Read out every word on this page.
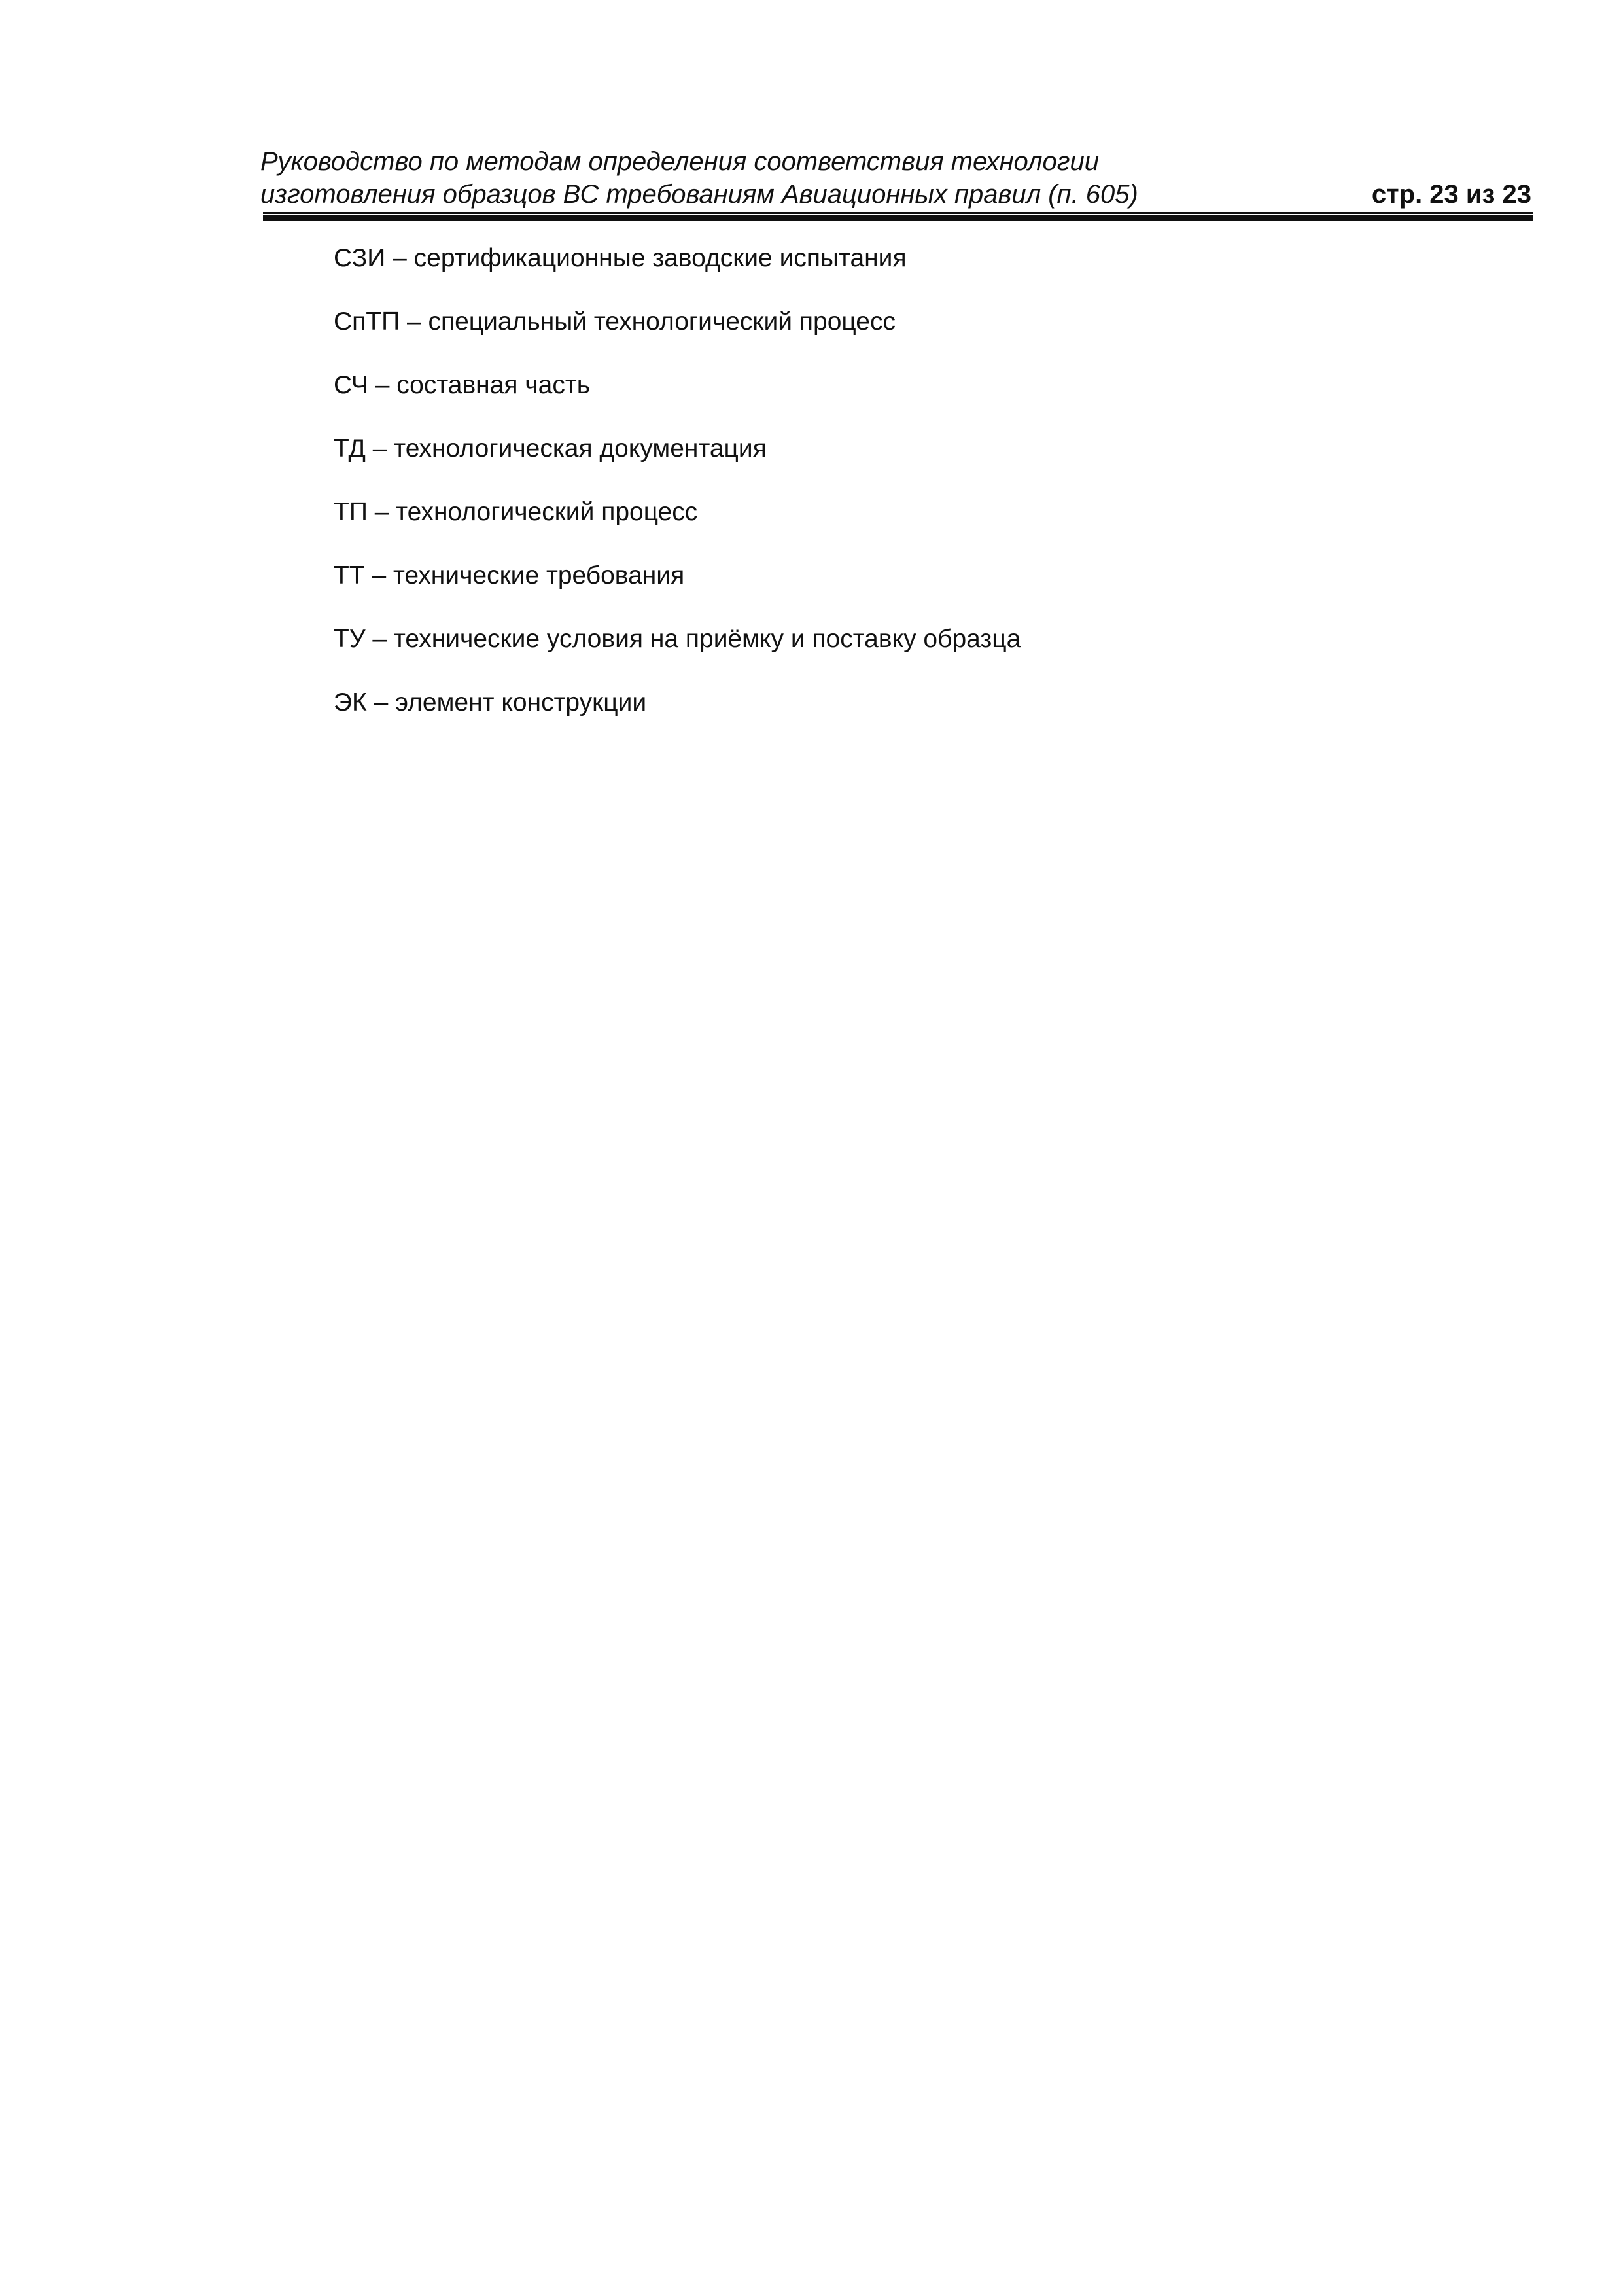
Руководство по методам определения соответствия технологии
изготовления образцов ВС требованиям Авиационных правил (п. 605)	стр. 23 из 23
СЗИ – сертификационные заводские испытания
СпТП – специальный технологический процесс
СЧ – составная часть
ТД – технологическая документация
ТП – технологический процесс
ТТ – технические требования
ТУ – технические условия на приёмку и поставку образца
ЭК – элемент конструкции
